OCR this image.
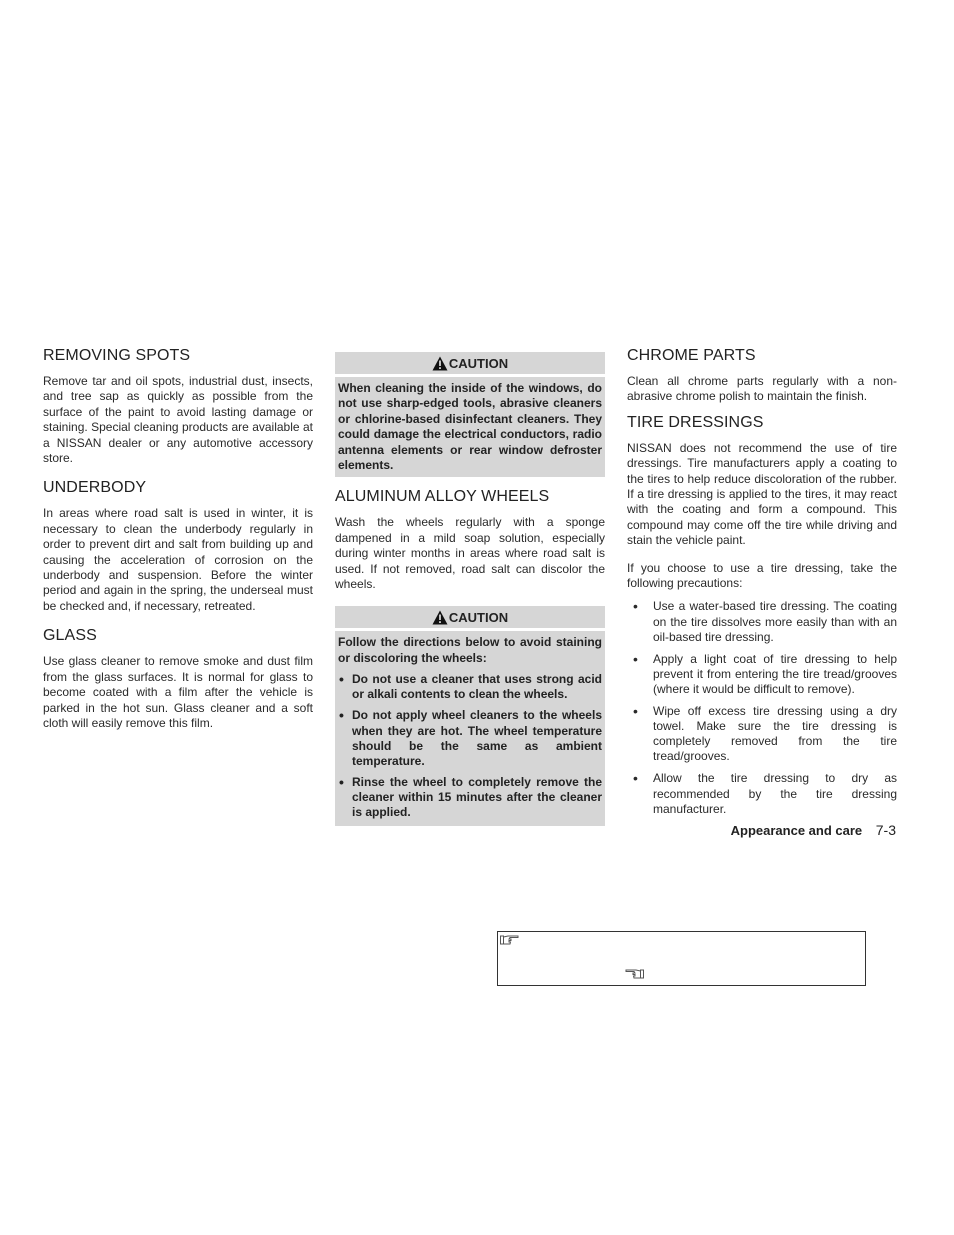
REMOVING SPOTS

Remove tar and oil spots, industrial dust, insects, and tree sap as quickly as possible from the surface of the paint to avoid lasting damage or staining. Special cleaning products are available at a NISSAN dealer or any automotive accessory store.

UNDERBODY

In areas where road salt is used in winter, it is necessary to clean the underbody regularly in order to prevent dirt and salt from building up and causing the acceleration of corrosion on the underbody and suspension. Before the winter period and again in the spring, the underseal must be checked and, if necessary, retreated.

GLASS

Use glass cleaner to remove smoke and dust film from the glass surfaces. It is normal for glass to become coated with a film after the vehicle is parked in the hot sun. Glass cleaner and a soft cloth will easily remove this film.

CAUTION

When cleaning the inside of the windows, do not use sharp-edged tools, abrasive cleaners or chlorine-based disinfectant cleaners. They could damage the electrical conductors, radio antenna elements or rear window defroster elements.

ALUMINUM ALLOY WHEELS

Wash the wheels regularly with a sponge dampened in a mild soap solution, especially during winter months in areas where road salt is used. If not removed, road salt can discolor the wheels.

CAUTION

Follow the directions below to avoid staining or discoloring the wheels:

• Do not use a cleaner that uses strong acid or alkali contents to clean the wheels.
• Do not apply wheel cleaners to the wheels when they are hot. The wheel temperature should be the same as ambient temperature.
• Rinse the wheel to completely remove the cleaner within 15 minutes after the cleaner is applied.
CHROME PARTS

Clean all chrome parts regularly with a non-abrasive chrome polish to maintain the finish.

TIRE DRESSINGS

NISSAN does not recommend the use of tire dressings. Tire manufacturers apply a coating to the tires to help reduce discoloration of the rubber. If a tire dressing is applied to the tires, it may react with the coating and form a compound. This compound may come off the tire while driving and stain the vehicle paint.

If you choose to use a tire dressing, take the following precautions:

• Use a water-based tire dressing. The coating on the tire dissolves more easily than with an oil-based tire dressing.
• Apply a light coat of tire dressing to help prevent it from entering the tire tread/grooves (where it would be difficult to remove).
• Wipe off excess tire dressing using a dry towel. Make sure the tire dressing is completely removed from the tire tread/grooves.
• Allow the tire dressing to dry as recommended by the tire dressing manufacturer.
Appearance and care 7-3
